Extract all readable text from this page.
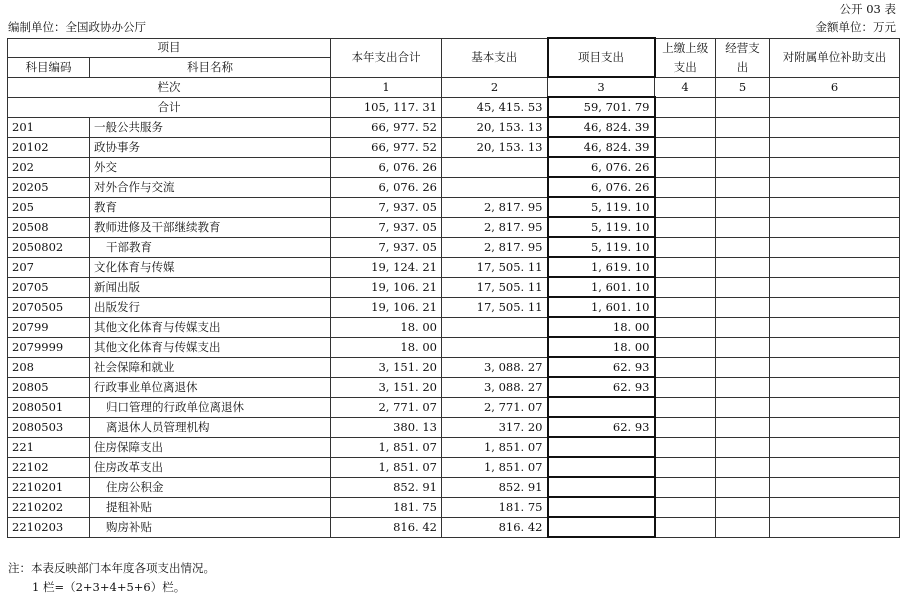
公开 03 表
编制单位：全国政协办公厅	金额单位：万元
项目		本年支出合计	基本支出	项目支出	上缴上级支出	经营支出	对附属单位补助支出
科目编码	科目名称						
栏次		1	2	3	4	5	6
合计		105, 117. 31	45, 415. 53	59, 701. 79			
201	一般公共服务	66, 977. 52	20, 153. 13	46, 824. 39			
20102	政协事务	66, 977. 52	20, 153. 13	46, 824. 39			
202	外交	6, 076. 26		6, 076. 26			
20205	对外合作与交流	6, 076. 26		6, 076. 26			
205	教育	7, 937. 05	2, 817. 95	5, 119. 10			
20508	教师进修及干部继续教育	7, 937. 05	2, 817. 95	5, 119. 10			
2050802	干部教育	7, 937. 05	2, 817. 95	5, 119. 10			
207	文化体育与传媒	19, 124. 21	17, 505. 11	1, 619. 10			
20705	新闻出版	19, 106. 21	17, 505. 11	1, 601. 10			
2070505	出版发行	19, 106. 21	17, 505. 11	1, 601. 10			
20799	其他文化体育与传媒支出	18. 00		18. 00			
2079999	其他文化体育与传媒支出	18. 00		18. 00			
208	社会保障和就业	3, 151. 20	3, 088. 27	62. 93			
20805	行政事业单位离退休	3, 151. 20	3, 088. 27	62. 93			
2080501	归口管理的行政单位离退休	2, 771. 07	2, 771. 07				
2080503	离退休人员管理机构	380. 13	317. 20	62. 93			
221	住房保障支出	1, 851. 07	1, 851. 07				
22102	住房改革支出	1, 851. 07	1, 851. 07				
2210201	住房公积金	852. 91	852. 91				
2210202	提租补贴	181. 75	181. 75				
2210203	购房补贴	816. 42	816. 42				
注：本表反映部门本年度各项支出情况。
1 栏=（2+3+4+5+6）栏。
